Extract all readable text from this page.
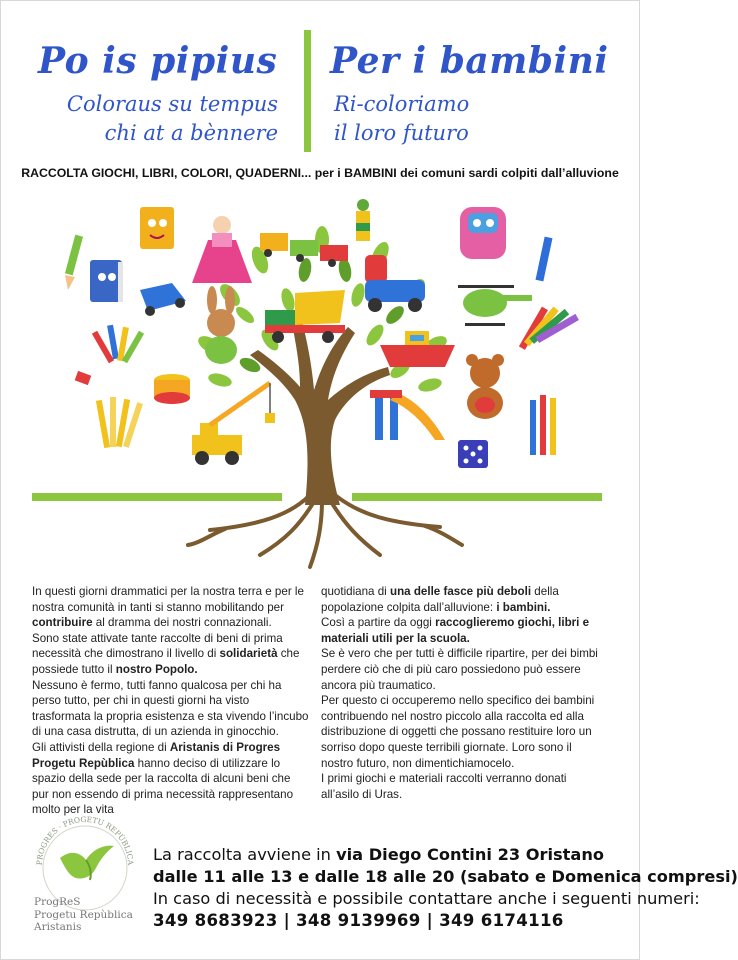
Po is pipius Per i bambini
Coloraus su tempus
chi at a bènnere
Ri-coloriamo
il loro futuro
RACCOLTA GIOCHI, LIBRI, COLORI, QUADERNI... per i BAMBINI dei comuni sardi colpiti dall’alluvione

In questi giorni drammatici per la nostra terra e per le nostra comunità in tanti si stanno mobilitando per contribuire al dramma dei nostri connazionali.

Sono state attivate tante raccolte di beni di prima necessità che dimostrano il livello di solidarietà che possiede tutto il nostro Popolo.

Nessuno è fermo, tutti fanno qualcosa per chi ha perso tutto, per chi in questi giorni ha visto trasformata la propria esistenza e sta vivendo l’incubo di una casa distrutta, di un azienda in ginocchio.

Gli attivisti della regione di Aristanis di Progres Progetu Repùblica hanno deciso di utilizzare lo spazio della sede per la raccolta di alcuni beni che pur non essendo di prima necessità rappresentano molto per la vita

quotidiana di una delle fasce più deboli della popolazione colpita dall’alluvione: i bambini.

Così a partire da oggi raccoglieremo giochi, libri e materiali utili per la scuola.

Se è vero che per tutti è difficile ripartire, per dei bimbi perdere ciò che di più caro possiedono può essere ancora più traumatico.

Per questo ci occuperemo nello specifico dei bambini contribuendo nel nostro piccolo alla raccolta ed alla distribuzione di oggetti che possano restituire loro un sorriso dopo queste terribili giornate. Loro sono il nostro futuro, non dimentichiamocelo.

I primi giochi e materiali raccolti verranno donati all’asilo di Uras.

PROGRES · PROGETU REPÙBLICA
ProgReS
Progetu Repùblica
Aristanis
La raccolta avviene in via Diego Contini 23 Oristano
dalle 11 alle 13 e dalle 18 alle 20 (sabato e Domenica compresi)
In caso di necessità e possibile contattare anche i seguenti numeri:
349 8683923 | 348 9139969 | 349 6174116
